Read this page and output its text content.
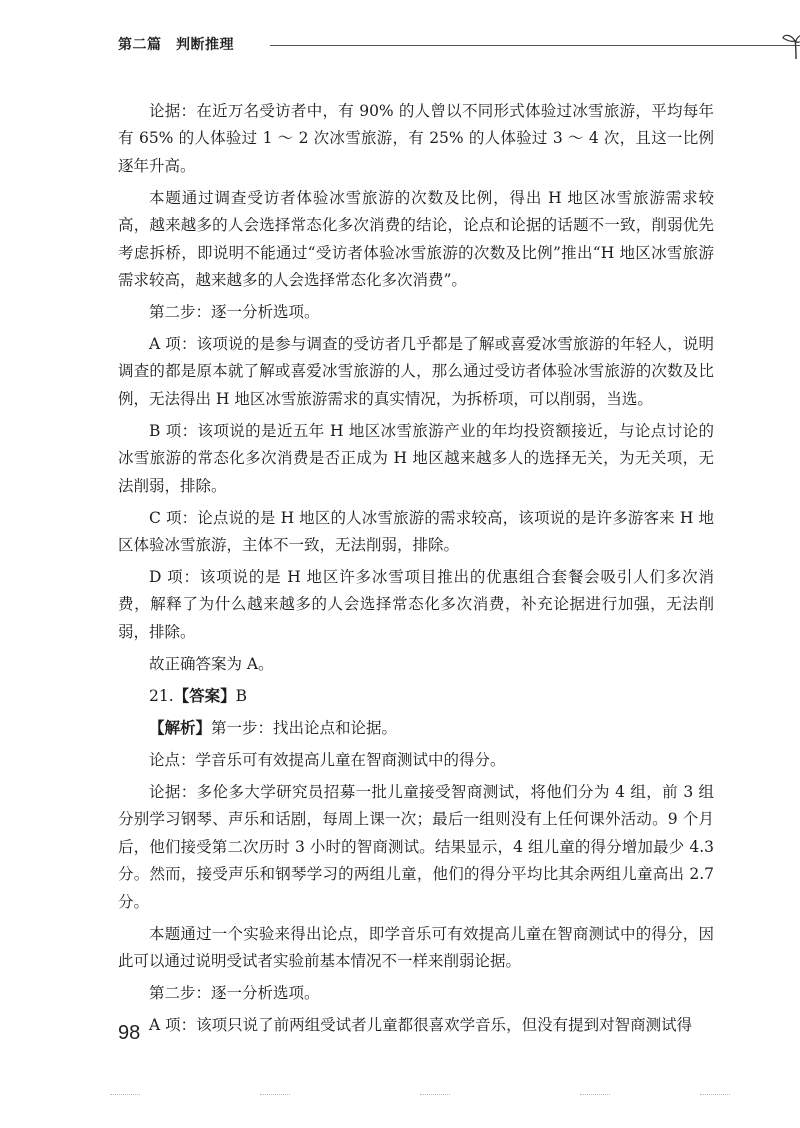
第二篇　判断推理

论据：在近万名受访者中，有 90% 的人曾以不同形式体验过冰雪旅游，平均每年有 65% 的人体验过 1 ～ 2 次冰雪旅游，有 25% 的人体验过 3 ～ 4 次，且这一比例逐年升高。

本题通过调查受访者体验冰雪旅游的次数及比例，得出 H 地区冰雪旅游需求较高，越来越多的人会选择常态化多次消费的结论，论点和论据的话题不一致，削弱优先考虑拆桥，即说明不能通过“受访者体验冰雪旅游的次数及比例”推出“H 地区冰雪旅游需求较高，越来越多的人会选择常态化多次消费”。

第二步：逐一分析选项。

A 项：该项说的是参与调查的受访者几乎都是了解或喜爱冰雪旅游的年轻人，说明调查的都是原本就了解或喜爱冰雪旅游的人，那么通过受访者体验冰雪旅游的次数及比例，无法得出 H 地区冰雪旅游需求的真实情况，为拆桥项，可以削弱，当选。

B 项：该项说的是近五年 H 地区冰雪旅游产业的年均投资额接近，与论点讨论的冰雪旅游的常态化多次消费是否正成为 H 地区越来越多人的选择无关，为无关项，无法削弱，排除。

C 项：论点说的是 H 地区的人冰雪旅游的需求较高，该项说的是许多游客来 H 地区体验冰雪旅游，主体不一致，无法削弱，排除。

D 项：该项说的是 H 地区许多冰雪项目推出的优惠组合套餐会吸引人们多次消费，解释了为什么越来越多的人会选择常态化多次消费，补充论据进行加强，无法削弱，排除。

故正确答案为 A。

21.【答案】B

【解析】第一步：找出论点和论据。

论点：学音乐可有效提高儿童在智商测试中的得分。

论据：多伦多大学研究员招募一批儿童接受智商测试，将他们分为 4 组，前 3 组分别学习钢琴、声乐和话剧，每周上课一次；最后一组则没有上任何课外活动。9 个月后，他们接受第二次历时 3 小时的智商测试。结果显示，4 组儿童的得分增加最少 4.3 分。然而，接受声乐和钢琴学习的两组儿童，他们的得分平均比其余两组儿童高出 2.7 分。

本题通过一个实验来得出论点，即学音乐可有效提高儿童在智商测试中的得分，因此可以通过说明受试者实验前基本情况不一样来削弱论据。

第二步：逐一分析选项。

A 项：该项只说了前两组受试者儿童都很喜欢学音乐，但没有提到对智商测试得

98
